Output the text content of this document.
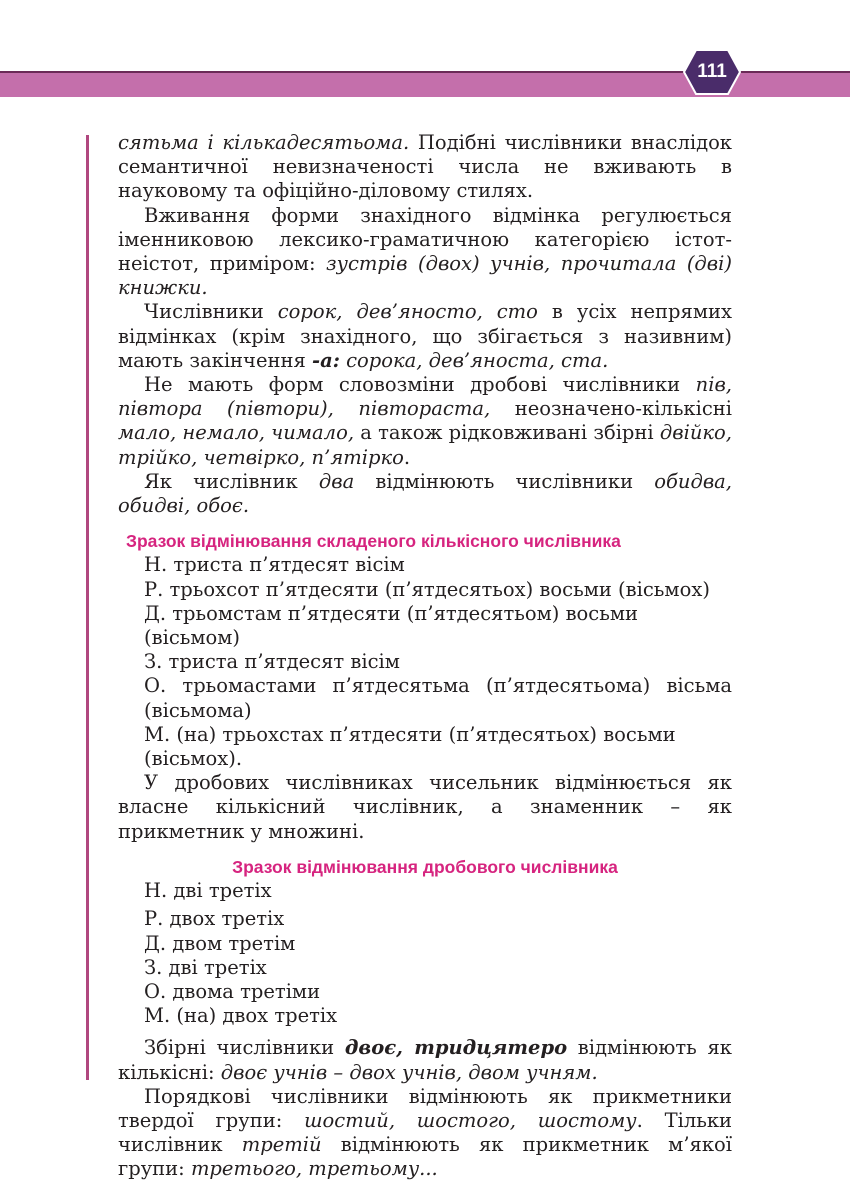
111

сятьма і кількадесятьома. Подібні числівники внаслідок семантичної невизначеності числа не вживають в науковому та офіційно-діловому стилях.

Вживання форми знахідного відмінка регулюється іменниковою лексико-граматичною категорією істот-неістот, приміром: зустрів (двох) учнів, прочитала (дві) книжки.

Числівники сорок, дев’яносто, сто в усіх непрямих відмінках (крім знахідного, що збігається з називним) мають закінчення -а: сорока, дев’яноста, ста.

Не мають форм словозміни дробові числівники пів, півтора (півтори), півтораста, неозначено-кількісні мало, немало, чимало, а також рідковживані збірні двійко, трійко, четвірко, п’ятірко.

Як числівник два відмінюють числівники обидва, обидві, обоє.

Зразок відмінювання складеного кількісного числівника

Н. триста п’ятдесят вісім

Р. трьохсот п’ятдесяти (п’ятдесятьох) восьми (вісьмох)

Д. трьомстам п’ятдесяти (п’ятдесятьом) восьми (вісьмом)

З. триста п’ятдесят вісім

О. трьомастами п’ятдесятьма (п’ятдесятьома) вісьма (вісьмома)

М. (на) трьохстах п’ятдесяти (п’ятдесятьох) восьми (вісьмох).

У дробових числівниках чисельник відмінюється як власне кількісний числівник, а знаменник – як прикметник у множині.

Зразок відмінювання дробового числівника

Н. дві третіх

Р. двох третіх

Д. двом третім

З. дві третіх

О. двома третіми

М. (на) двох третіх

Збірні числівники двоє, тридцятеро відмінюють як кількісні: двоє учнів – двох учнів, двом учням.

Порядкові числівники відмінюють як прикметники твердої групи: шостий, шостого, шостому. Тільки числівник третій відмінюють як прикметник м’якої групи: третього, третьому...
